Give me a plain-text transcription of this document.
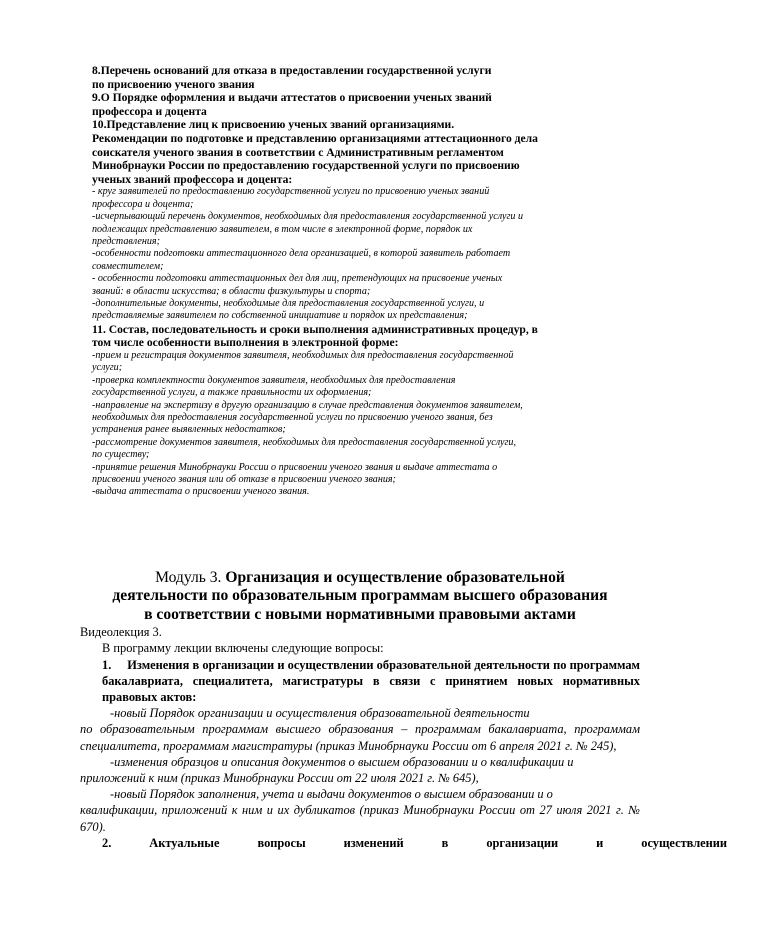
8.Перечень оснований для отказа в предоставлении государственной услуги
по присвоению ученого звания

9.О Порядке оформления и выдачи аттестатов о присвоении ученых званий
профессора и доцента

10.Представление лиц к присвоению ученых званий организациями.

Рекомендации по подготовке и представлению организациями аттестационного дела
соискателя ученого звания в соответствии с Административным регламентом
Минобрнауки России по предоставлению государственной услуги по присвоению
ученых званий профессора и доцента:

- круг заявителей по предоставлению государственной услуги по присвоению ученых званий
профессора и доцента;

-исчерпывающий перечень документов, необходимых для предоставления государственной услуги и
подлежащих представлению заявителем, в том числе в электронной форме, порядок их
представления;

-особенности подготовки аттестационного дела организацией, в которой заявитель работает
совместителем;

- особенности подготовки аттестационных дел для лиц, претендующих на присвоение ученых
званий: в области искусства; в области физкультуры и спорта;

-дополнительные документы, необходимые для предоставления государственной услуги, и
представляемые заявителем по собственной инициативе и порядок их представления;

11. Состав, последовательность и сроки выполнения административных процедур, в
том числе особенности выполнения в электронной форме:

-прием и регистрация документов заявителя, необходимых для предоставления государственной
услуги;

-проверка комплектности документов заявителя, необходимых для предоставления
государственной услуги, а также правильности их оформления;

-направление на экспертизу в другую организацию в случае представления документов заявителем,
необходимых для предоставления государственной услуги по присвоению ученого звания, без
устранения ранее выявленных недостатков;

-рассмотрение документов заявителя, необходимых для предоставления государственной услуги,
по существу;

-принятие решения Минобрнауки России о присвоении ученого звания и выдаче аттестата о
присвоении ученого звания или об отказе в присвоении ученого звания;

-выдача аттестата о присвоении ученого звания.

Модуль 3. Организация и осуществление образовательной
деятельности по образовательным программам высшего образования
в соответствии с новыми нормативными правовыми актами

Видеолекция 3.

В программу лекции включены следующие вопросы:

1.     Изменения в организации и осуществлении образовательной деятельности по программам бакалавриата, специалитета, магистратуры в связи с принятием новых нормативных правовых актов:

-новый Порядок организации и осуществления образовательной деятельности
по образовательным программам высшего образования – программам бакалавриата, программам специалитета, программам магистратуры (приказ Минобрнауки России от 6 апреля 2021 г. № 245),

-изменения образцов и описания документов о высшем образовании и о квалификации и
приложений к ним (приказ Минобрнауки России от 22 июля 2021 г. № 645),

-новый Порядок заполнения, учета и выдачи документов о высшем образовании и о
квалификации, приложений к ним и их дубликатов (приказ Минобрнауки России от 27 июля 2021 г. № 670).

2.	Актуальные	вопросы	изменений	в	организации	и	осуществлении
